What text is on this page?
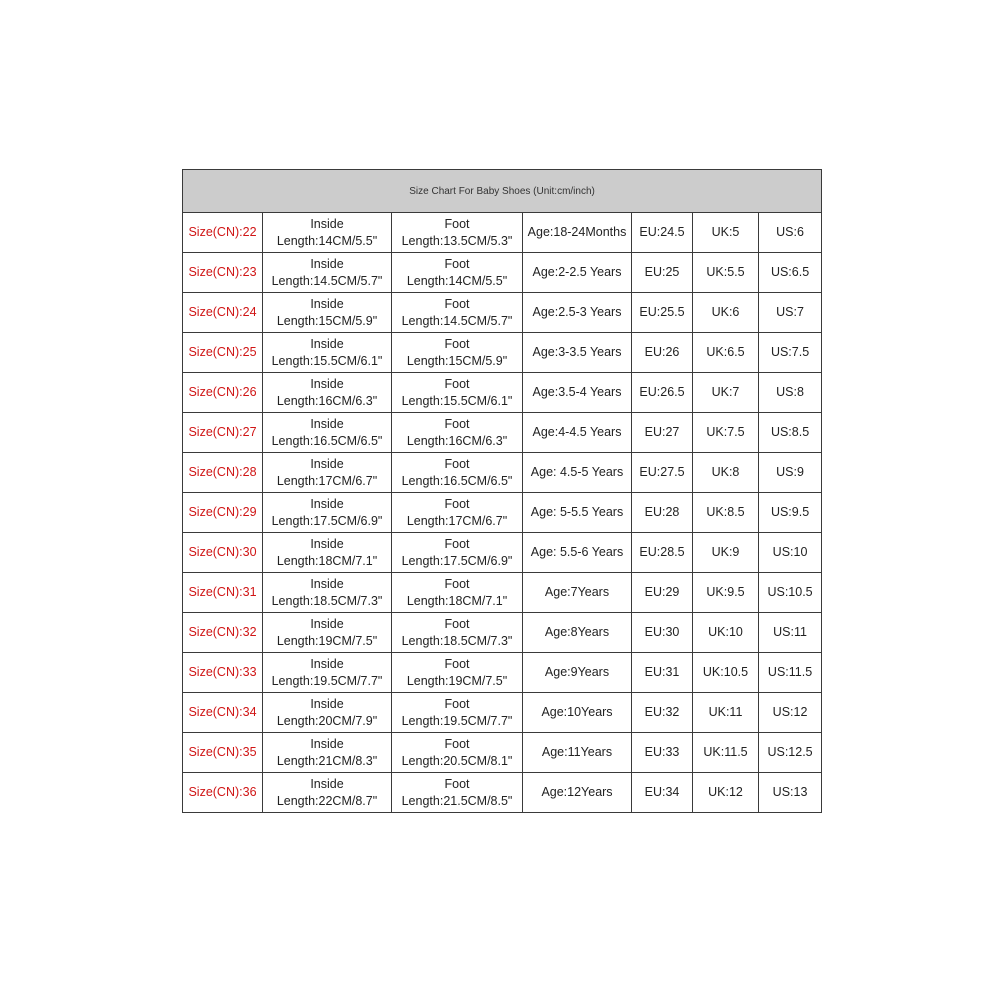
Size Chart For Baby Shoes (Unit:cm/inch)						
Size(CN):22	Inside Length:14CM/5.5"	Foot Length:13.5CM/5.3"	Age:18-24Months	EU:24.5	UK:5	US:6
Size(CN):23	Inside Length:14.5CM/5.7"	Foot Length:14CM/5.5"	Age:2-2.5 Years	EU:25	UK:5.5	US:6.5
Size(CN):24	Inside Length:15CM/5.9"	Foot Length:14.5CM/5.7"	Age:2.5-3 Years	EU:25.5	UK:6	US:7
Size(CN):25	Inside Length:15.5CM/6.1"	Foot Length:15CM/5.9"	Age:3-3.5 Years	EU:26	UK:6.5	US:7.5
Size(CN):26	Inside Length:16CM/6.3"	Foot Length:15.5CM/6.1"	Age:3.5-4 Years	EU:26.5	UK:7	US:8
Size(CN):27	Inside Length:16.5CM/6.5"	Foot Length:16CM/6.3"	Age:4-4.5 Years	EU:27	UK:7.5	US:8.5
Size(CN):28	Inside Length:17CM/6.7"	Foot Length:16.5CM/6.5"	Age: 4.5-5 Years	EU:27.5	UK:8	US:9
Size(CN):29	Inside Length:17.5CM/6.9"	Foot Length:17CM/6.7"	Age: 5-5.5 Years	EU:28	UK:8.5	US:9.5
Size(CN):30	Inside Length:18CM/7.1"	Foot Length:17.5CM/6.9"	Age: 5.5-6 Years	EU:28.5	UK:9	US:10
Size(CN):31	Inside Length:18.5CM/7.3"	Foot Length:18CM/7.1"	Age:7Years	EU:29	UK:9.5	US:10.5
Size(CN):32	Inside Length:19CM/7.5"	Foot Length:18.5CM/7.3"	Age:8Years	EU:30	UK:10	US:11
Size(CN):33	Inside Length:19.5CM/7.7"	Foot Length:19CM/7.5"	Age:9Years	EU:31	UK:10.5	US:11.5
Size(CN):34	Inside Length:20CM/7.9"	Foot Length:19.5CM/7.7"	Age:10Years	EU:32	UK:11	US:12
Size(CN):35	Inside Length:21CM/8.3"	Foot Length:20.5CM/8.1"	Age:11Years	EU:33	UK:11.5	US:12.5
Size(CN):36	Inside Length:22CM/8.7"	Foot Length:21.5CM/8.5"	Age:12Years	EU:34	UK:12	US:13
